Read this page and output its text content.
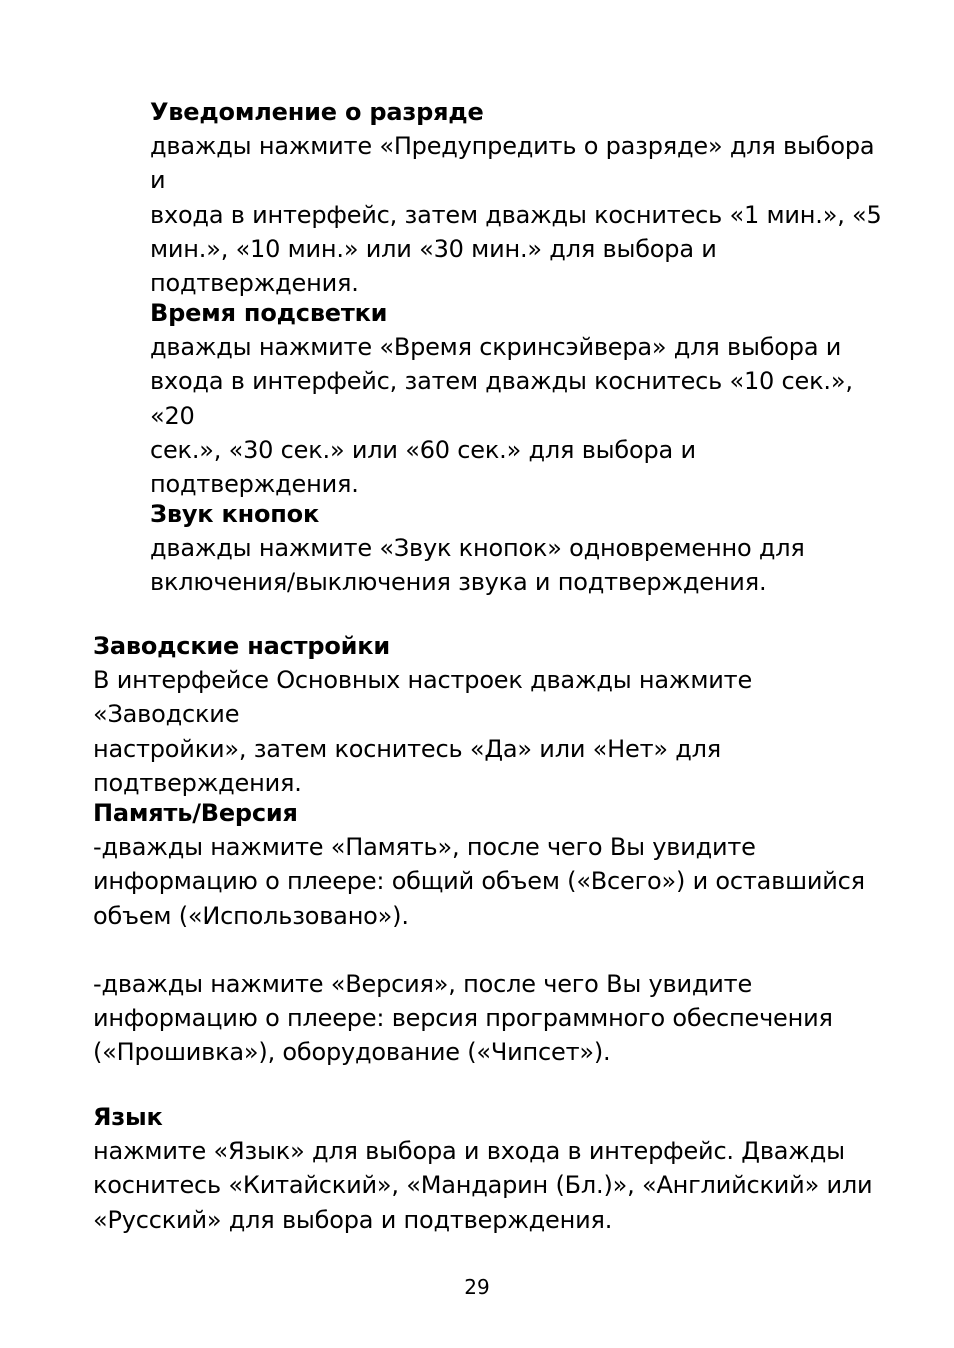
Уведомление о разряде
дважды нажмите «Предупредить о разряде» для выбора и
входа в интерфейс, затем дважды коснитесь «1 мин.», «5
мин.», «10 мин.» или «30 мин.» для выбора и
подтверждения.
Время подсветки
дважды нажмите «Время скринсэйвера» для выбора и
входа в интерфейс, затем дважды коснитесь «10 сек.», «20
сек.», «30 сек.» или «60 сек.» для выбора и
подтверждения.
Звук кнопок
дважды нажмите «Звук кнопок» одновременно для
включения/выключения звука и подтверждения.
Заводские настройки
В интерфейсе Основных настроек дважды нажмите «Заводские
настройки», затем коснитесь «Да» или «Нет» для
подтверждения.
Память/Версия
-дважды нажмите «Память», после чего Вы увидите
информацию о плеере: общий объем («Всего») и оставшийся
объем («Использовано»).
-дважды нажмите «Версия», после чего Вы увидите
информацию о плеере: версия программного обеспечения
(«Прошивка»), оборудование («Чипсет»).
Язык
нажмите «Язык» для выбора и входа в интерфейс. Дважды
коснитесь «Китайский», «Мандарин (Бл.)», «Английский» или
«Русский» для выбора и подтверждения.
29
